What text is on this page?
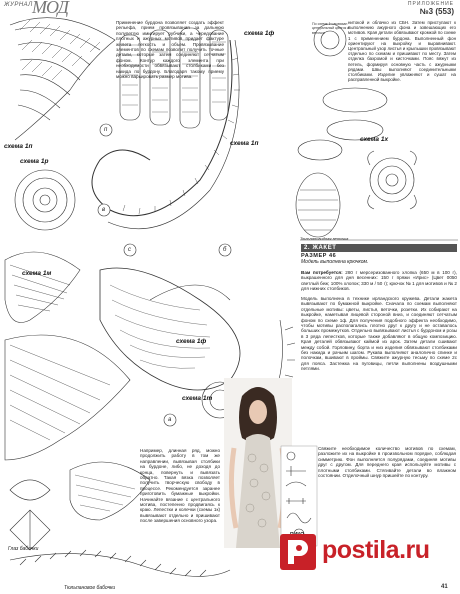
ЖУРНАЛ МОД	ПРИЛОЖЕНИЕ
№3 (553)
п
в
с	б
а
Применение бурдона позволяет создать эффект рельефа, прием провязывания за дальнюю полупетлю имитирует рубчики, а чередование плотных и ажурных мотивов придает фактуре жилета легкость и объем. Провязывание элементов по схемам позволит получить точные детали, которые затем соединяют сетчатым фоном. Контур каждого элемента при необходимости обвязывают столбиками без накида по бурдону. Благодаря такому приему можно варьировать размер мотива.
По схеме 1ч вывязан центральный цветок и веточки
схема 1ф
схема 1х
схема 1п
схема 1р
схема 1м
схема 1п
схема 1ф
схема 1т
нитокой и облачко из СБН. Затем приступают к выполнению ажурного фона и зовешающих его мотивов. Края детали обвязывают кромкой по схеме 1 с применением бурдона. Выполненный фон ориентируют на выкройку и выравнивают. Центральный узор листья и крылышки провязывают отдельно по схемам и пришивают по месту. Затем отделка бахромой и кисточками. Пояс вяжут из петель, формируя основную часть с ажурными рядами. Швы выполняют соединительными столбиками. Изделие увлажняют и сушат на расправленной выкройке.
Тюльпановидная веточка
2. ЖАКЕТ
РАЗМЕР 46
Модель выполнена крючком.
Вам потребуется: 280 г мерсеризованного хлопка (650 м в 100 г), выкрашенного для дня весенних: 150 г пряжи «Ирис» (Цвет 0050 светлый беж; 100% хлопок; 330 м / 50 г); крючок № 1 для мотивов и № 2 для нижних столбиков.
Модель выполнена в технике ирландского кружева. Детали жакета вывязывают по бумажной выкройке. Сначала по схемам выполняют отдельные мотивы: цветы, листья, веточки, розетки. Их собирают на выкройке, наметывая лицевой стороной вниз, и соединяют сетчатым фоном по схеме 1ф. Для получения подобного эффекта необходимо, чтобы мотивы располагались плотно друг к другу и не оставалось больших промежутков. Отдельно вывязывают листья с бурдоном и розы в 3 ряда лепестков, которые также добавляют в общую композицию. Края деталей обвязывают каймой из арок. Затем детали сшивают между собой. Горловину, борта и низ изделия обвязывают столбиками без накида и рачьим шагом. Рукава выполняют аналогично спинке и полочкам, вшивают в проймы. Свяжите ажурную тесьму по схеме 2с для пояса. Застежка на пуговицы, петли выполнены воздушными петлями.
Свяжите необходимое количество мотивов по схемам, разложите их на выкройке в произвольном порядке, соблюдая симметрию. Фон выполняется полурядами, соединяя мотивы друг с другом. Для переднего края используйте мотивы с плотными столбиками. Стягивайте детали во влажном состоянии. Отделочный шнур пришейте по контуру.
Например, длинная ряд, можно продолжить работу в том же направлении, вывязывая столбики на бурдоне, либо, не доходя до конца, повернуть и вывязать обратно. Такая вязка позволяет получить творческую свободу в процессе. Рекомендуется заранее приготовить бумажные выкройки. Начинайте вязание с центрального мотива, постепенно продвигаясь к краю. Лепестки и колечки (схемы 1к) вывязывают отдельно и пришивают после завершения основного узора.
Глаз бабочки
Тюльпановое бабочки
postila.ru
41
